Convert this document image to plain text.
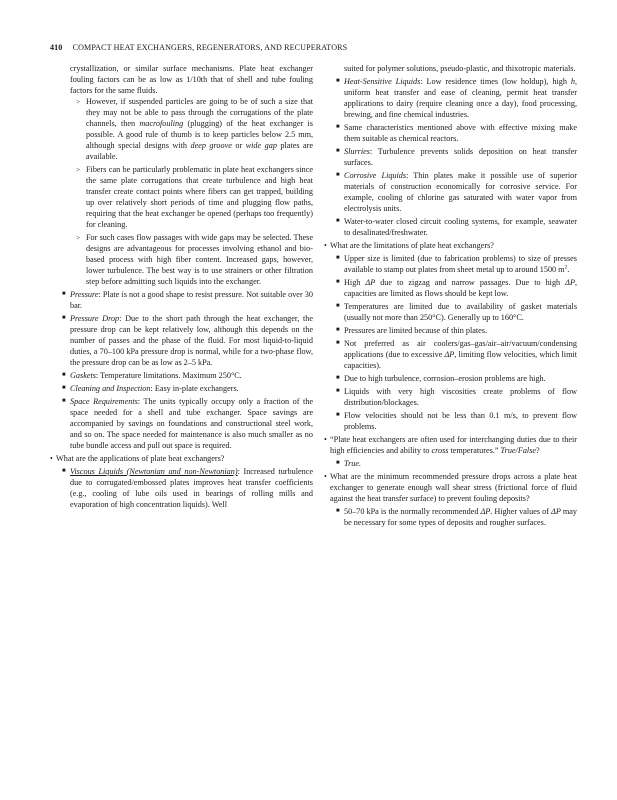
410 COMPACT HEAT EXCHANGERS, REGENERATORS, AND RECUPERATORS

crystallization, or similar surface mechanisms. Plate heat exchanger fouling factors can be as low as 1/10th that of shell and tube fouling factors for the same fluids.

> However, if suspended particles are going to be of such a size that they may not be able to pass through the corrugations of the plate channels, then macrofouling (plugging) of the heat exchanger is possible. A good rule of thumb is to keep particles below 2.5 mm, although special designs with deep groove or wide gap plates are available.

> Fibers can be particularly problematic in plate heat exchangers since the same plate corrugations that create turbulence and high heat transfer create contact points where fibers can get trapped, building up over relatively short periods of time and plugging flow paths, requiring that the heat exchanger be opened (perhaps too frequently) for cleaning.

> For such cases flow passages with wide gaps may be selected. These designs are advantageous for processes involving ethanol and bio-based process with high fiber content. Increased gaps, however, lower turbulence. The best way is to use strainers or other filtration step before admitting such liquids into the exchanger.

■ Pressure: Plate is not a good shape to resist pressure. Not suitable over 30 bar.

■ Pressure Drop: Due to the short path through the heat exchanger, the pressure drop can be kept relatively low, although this depends on the number of passes and the phase of the fluid. For most liquid-to-liquid duties, a 70–100 kPa pressure drop is normal, while for a two-phase flow, the pressure drop can be as low as 2–5 kPa.

■ Gaskets: Temperature limitations. Maximum 250°C.

■ Cleaning and Inspection: Easy in-plate exchangers.

■ Space Requirements: The units typically occupy only a fraction of the space needed for a shell and tube exchanger. Space savings are accompanied by savings on foundations and constructional steel work, and so on. The space needed for maintenance is also much smaller as no tube bundle access and pull out space is required.

• What are the applications of plate heat exchangers?

■ Viscous Liquids (Newtonian and non-Newtonian): Increased turbulence due to corrugated/embossed plates improves heat transfer coefficients (e.g., cooling of lube oils used in bearings of rolling mills and evaporation of high concentration liquids). Well

suited for polymer solutions, pseudo-plastic, and thixotropic materials.

■ Heat-Sensitive Liquids: Low residence times (low holdup), high h, uniform heat transfer and ease of cleaning, permit heat transfer applications to dairy (require cleaning once a day), food processing, brewing, and fine chemical industries.

■ Same characteristics mentioned above with effective mixing make them suitable as chemical reactors.

■ Slurries: Turbulence prevents solids deposition on heat transfer surfaces.

■ Corrosive Liquids: Thin plates make it possible use of superior materials of construction economically for corrosive service. For example, cooling of chlorine gas saturated with water vapor from electrolysis units.

■ Water-to-water closed circuit cooling systems, for example, seawater to desalinated/freshwater.

• What are the limitations of plate heat exchangers?

■ Upper size is limited (due to fabrication problems) to size of presses available to stamp out plates from sheet metal up to around 1500 $m^2$.

■ High ΔP due to zigzag and narrow passages. Due to high ΔP, capacities are limited as flows should be kept low.

■ Temperatures are limited due to availability of gasket materials (usually not more than 250°C). Generally up to 160°C.

■ Pressures are limited because of thin plates.

■ Not preferred as air coolers/gas–gas/air–air/vacuum/condensing applications (due to excessive ΔP, limiting flow velocities, which limit capacities).

■ Due to high turbulence, corrosion–erosion problems are high.

■ Liquids with very high viscosities create problems of flow distribution/blockages.

■ Flow velocities should not be less than 0.1 m/s, to prevent flow problems.

• “Plate heat exchangers are often used for interchanging duties due to their high efficiencies and ability to cross temperatures.” True/False?

■ True.

• What are the minimum recommended pressure drops across a plate heat exchanger to generate enough wall shear stress (frictional force of fluid against the heat transfer surface) to prevent fouling deposits?

■ 50–70 kPa is the normally recommended ΔP. Higher values of ΔP may be necessary for some types of deposits and rougher surfaces.
